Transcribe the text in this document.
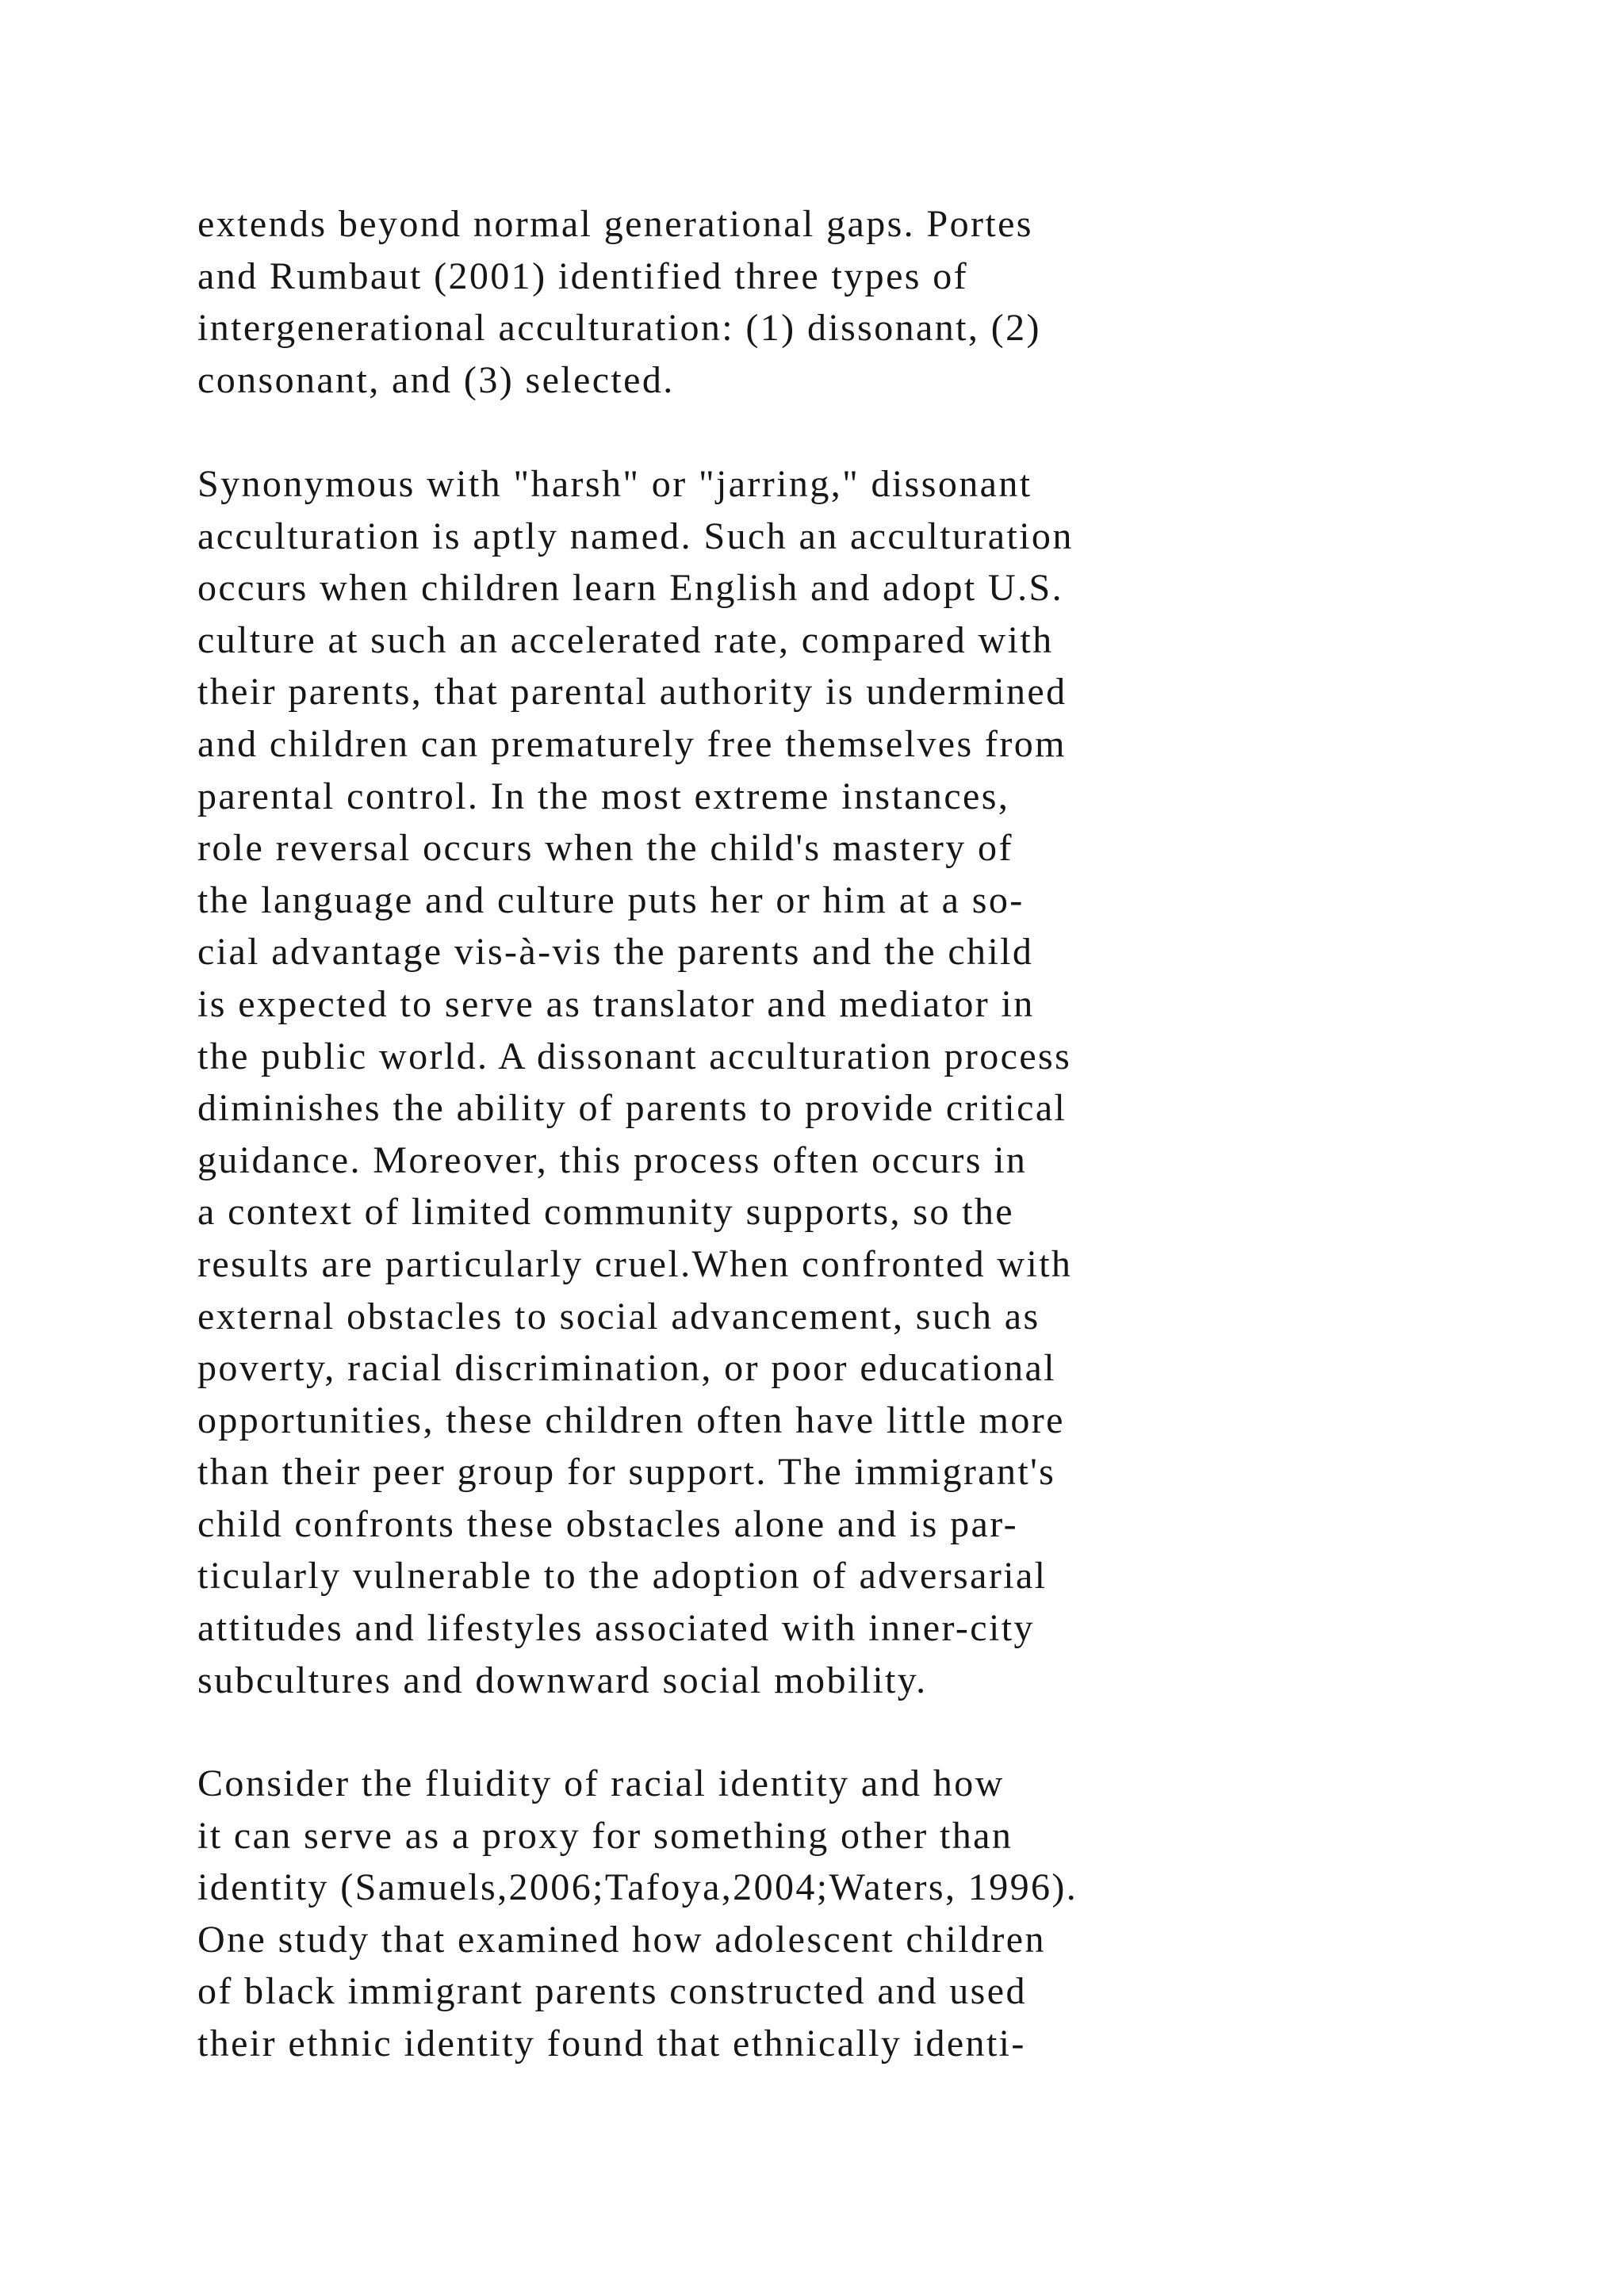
extends beyond normal generational gaps. Portes
and Rumbaut (2001) identified three types of
intergenerational acculturation: (1) dissonant, (2)
consonant, and (3) selected.

Synonymous with "harsh" or "jarring," dissonant
acculturation is aptly named. Such an acculturation
occurs when children learn English and adopt U.S.
culture at such an accelerated rate, compared with
their parents, that parental authority is undermined
and children can prematurely free themselves from
parental control. In the most extreme instances,
role reversal occurs when the child's mastery of
the language and culture puts her or him at a so-
cial advantage vis-à-vis the parents and the child
is expected to serve as translator and mediator in
the public world. A dissonant acculturation process
diminishes the ability of parents to provide critical
guidance. Moreover, this process often occurs in
a context of limited community supports, so the
results are particularly cruel.When confronted with
external obstacles to social advancement, such as
poverty, racial discrimination, or poor educational
opportunities, these children often have little more
than their peer group for support. The immigrant's
child confronts these obstacles alone and is par-
ticularly vulnerable to the adoption of adversarial
attitudes and lifestyles associated with inner-city
subcultures and downward social mobility.

Consider the fluidity of racial identity and how
it can serve as a proxy for something other than
identity (Samuels,2006;Tafoya,2004;Waters, 1996).
One study that examined how adolescent children
of black immigrant parents constructed and used
their ethnic identity found that ethnically identi-
